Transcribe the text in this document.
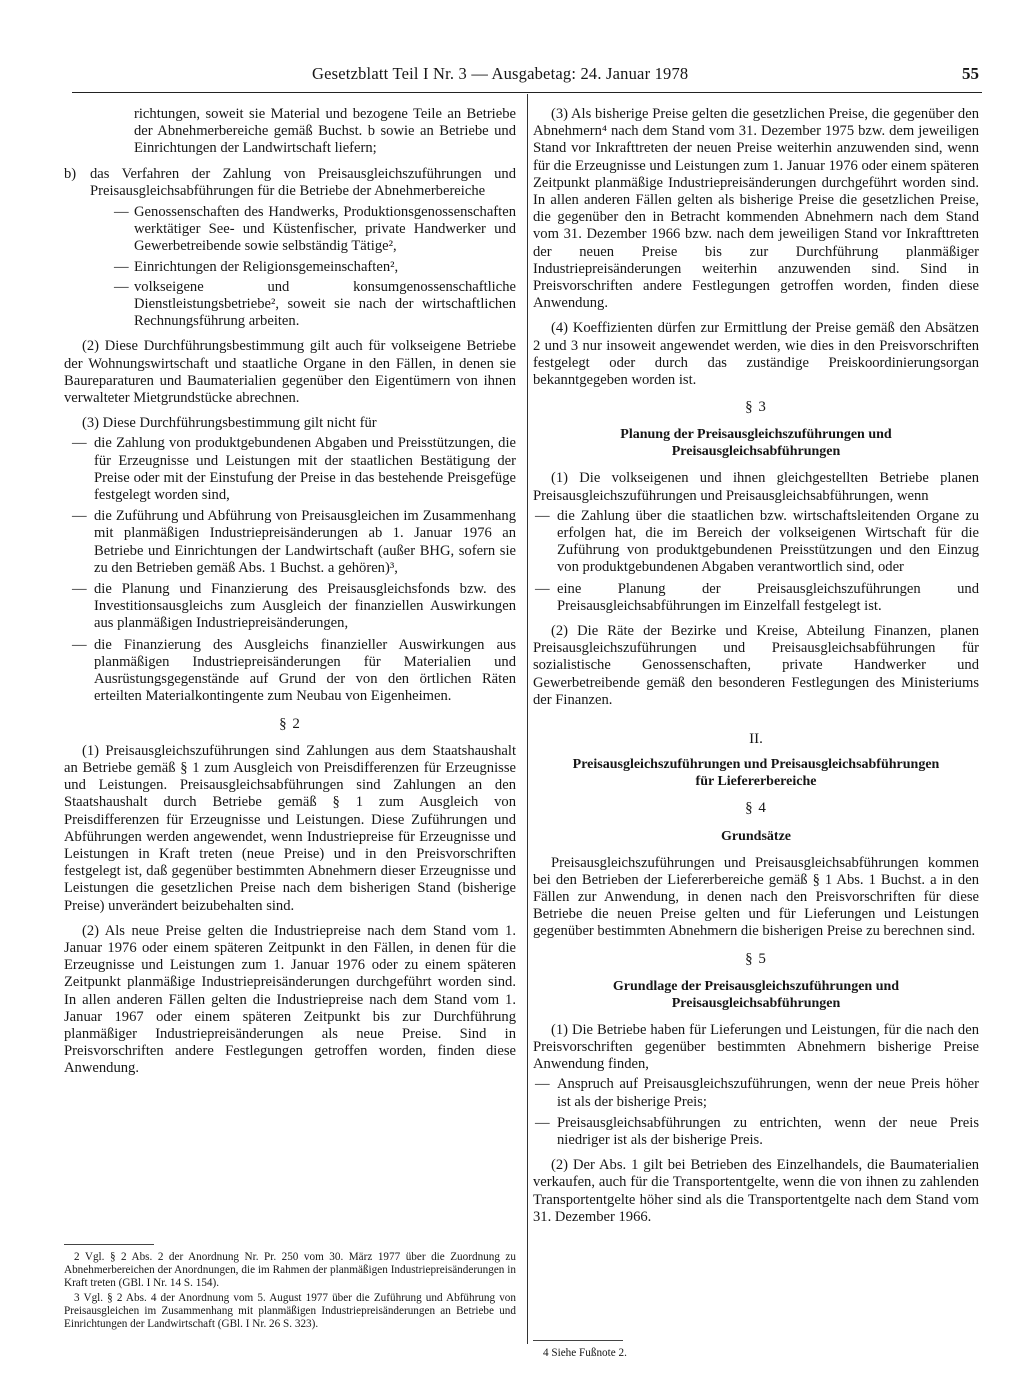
Gesetzblatt Teil I Nr. 3 — Ausgabetag: 24. Januar 1978	55

richtungen, soweit sie Material und bezogene Teile an Betriebe der Abnehmerbereiche gemäß Buchst. b sowie an Betriebe und Einrichtungen der Landwirtschaft liefern;

b) das Verfahren der Zahlung von Preisausgleichszuführungen und Preisausgleichsabführungen für die Betriebe der Abnehmerbereiche
— Genossenschaften des Handwerks, Produktionsgenossenschaften werktätiger See- und Küstenfischer, private Handwerker und Gewerbetreibende sowie selbständig Tätige²,
— Einrichtungen der Religionsgemeinschaften²,
— volkseigene und konsumgenossenschaftliche Dienstleistungsbetriebe², soweit sie nach der wirtschaftlichen Rechnungsführung arbeiten.

(2) Diese Durchführungsbestimmung gilt auch für volkseigene Betriebe der Wohnungswirtschaft und staatliche Organe in den Fällen, in denen sie Baureparaturen und Baumaterialien gegenüber den Eigentümern von ihnen verwalteter Mietgrundstücke abrechnen.

(3) Diese Durchführungsbestimmung gilt nicht für

— die Zahlung von produktgebundenen Abgaben und Preisstützungen, die für Erzeugnisse und Leistungen mit der staatlichen Bestätigung der Preise oder mit der Einstufung der Preise in das bestehende Preisgefüge festgelegt worden sind,
— die Zuführung und Abführung von Preisausgleichen im Zusammenhang mit planmäßigen Industriepreisänderungen ab 1. Januar 1976 an Betriebe und Einrichtungen der Landwirtschaft (außer BHG, sofern sie zu den Betrieben gemäß Abs. 1 Buchst. a gehören)³,
— die Planung und Finanzierung des Preisausgleichsfonds bzw. des Investitionsausgleichs zum Ausgleich der finanziellen Auswirkungen aus planmäßigen Industriepreisänderungen,
— die Finanzierung des Ausgleichs finanzieller Auswirkungen aus planmäßigen Industriepreisänderungen für Materialien und Ausrüstungsgegenstände auf Grund der von den örtlichen Räten erteilten Materialkontingente zum Neubau von Eigenheimen.
§ 2

(1) Preisausgleichszuführungen sind Zahlungen aus dem Staatshaushalt an Betriebe gemäß § 1 zum Ausgleich von Preisdifferenzen für Erzeugnisse und Leistungen. Preisausgleichsabführungen sind Zahlungen an den Staatshaushalt durch Betriebe gemäß § 1 zum Ausgleich von Preisdifferenzen für Erzeugnisse und Leistungen. Diese Zuführungen und Abführungen werden angewendet, wenn Industriepreise für Erzeugnisse und Leistungen in Kraft treten (neue Preise) und in den Preisvorschriften festgelegt ist, daß gegenüber bestimmten Abnehmern dieser Erzeugnisse und Leistungen die gesetzlichen Preise nach dem bisherigen Stand (bisherige Preise) unverändert beizubehalten sind.

(2) Als neue Preise gelten die Industriepreise nach dem Stand vom 1. Januar 1976 oder einem späteren Zeitpunkt in den Fällen, in denen für die Erzeugnisse und Leistungen zum 1. Januar 1976 oder zu einem späteren Zeitpunkt planmäßige Industriepreisänderungen durchgeführt worden sind. In allen anderen Fällen gelten die Industriepreise nach dem Stand vom 1. Januar 1967 oder einem späteren Zeitpunkt bis zur Durchführung planmäßiger Industriepreisänderungen als neue Preise. Sind in Preisvorschriften andere Festlegungen getroffen worden, finden diese Anwendung.

2 Vgl. § 2 Abs. 2 der Anordnung Nr. Pr. 250 vom 30. März 1977 über die Zuordnung zu Abnehmerbereichen der Anordnungen, die im Rahmen der planmäßigen Industriepreisänderungen in Kraft treten (GBl. I Nr. 14 S. 154).

3 Vgl. § 2 Abs. 4 der Anordnung vom 5. August 1977 über die Zuführung und Abführung von Preisausgleichen im Zusammenhang mit planmäßigen Industriepreisänderungen an Betriebe und Einrichtungen der Landwirtschaft (GBl. I Nr. 26 S. 323).

(3) Als bisherige Preise gelten die gesetzlichen Preise, die gegenüber den Abnehmern⁴ nach dem Stand vom 31. Dezember 1975 bzw. dem jeweiligen Stand vor Inkrafttreten der neuen Preise weiterhin anzuwenden sind, wenn für die Erzeugnisse und Leistungen zum 1. Januar 1976 oder einem späteren Zeitpunkt planmäßige Industriepreisänderungen durchgeführt worden sind. In allen anderen Fällen gelten als bisherige Preise die gesetzlichen Preise, die gegenüber den in Betracht kommenden Abnehmern nach dem Stand vom 31. Dezember 1966 bzw. nach dem jeweiligen Stand vor Inkrafttreten der neuen Preise bis zur Durchführung planmäßiger Industriepreisänderungen weiterhin anzuwenden sind. Sind in Preisvorschriften andere Festlegungen getroffen worden, finden diese Anwendung.

(4) Koeffizienten dürfen zur Ermittlung der Preise gemäß den Absätzen 2 und 3 nur insoweit angewendet werden, wie dies in den Preisvorschriften festgelegt oder durch das zuständige Preiskoordinierungsorgan bekanntgegeben worden ist.

§ 3
Planung der Preisausgleichszuführungen und Preisausgleichsabführungen

(1) Die volkseigenen und ihnen gleichgestellten Betriebe planen Preisausgleichszuführungen und Preisausgleichsabführungen, wenn

— die Zahlung über die staatlichen bzw. wirtschaftsleitenden Organe zu erfolgen hat, die im Bereich der volkseigenen Wirtschaft für die Zuführung von produktgebundenen Preisstützungen und den Einzug von produktgebundenen Abgaben verantwortlich sind, oder
— eine Planung der Preisausgleichszuführungen und Preisausgleichsabführungen im Einzelfall festgelegt ist.

(2) Die Räte der Bezirke und Kreise, Abteilung Finanzen, planen Preisausgleichszuführungen und Preisausgleichsabführungen für sozialistische Genossenschaften, private Handwerker und Gewerbetreibende gemäß den besonderen Festlegungen des Ministeriums der Finanzen.

II.
Preisausgleichszuführungen und Preisausgleichsabführungen für Liefererbereiche
§ 4
Grundsätze

Preisausgleichszuführungen und Preisausgleichsabführungen kommen bei den Betrieben der Liefererbereiche gemäß § 1 Abs. 1 Buchst. a in den Fällen zur Anwendung, in denen nach den Preisvorschriften für diese Betriebe die neuen Preise gelten und für Lieferungen und Leistungen gegenüber bestimmten Abnehmern die bisherigen Preise zu berechnen sind.

§ 5
Grundlage der Preisausgleichszuführungen und Preisausgleichsabführungen

(1) Die Betriebe haben für Lieferungen und Leistungen, für die nach den Preisvorschriften gegenüber bestimmten Abnehmern bisherige Preise Anwendung finden,

— Anspruch auf Preisausgleichszuführungen, wenn der neue Preis höher ist als der bisherige Preis;
— Preisausgleichsabführungen zu entrichten, wenn der neue Preis niedriger ist als der bisherige Preis.

(2) Der Abs. 1 gilt bei Betrieben des Einzelhandels, die Baumaterialien verkaufen, auch für die Transportentgelte, wenn die von ihnen zu zahlenden Transportentgelte höher sind als die Transportentgelte nach dem Stand vom 31. Dezember 1966.

4 Siehe Fußnote 2.
